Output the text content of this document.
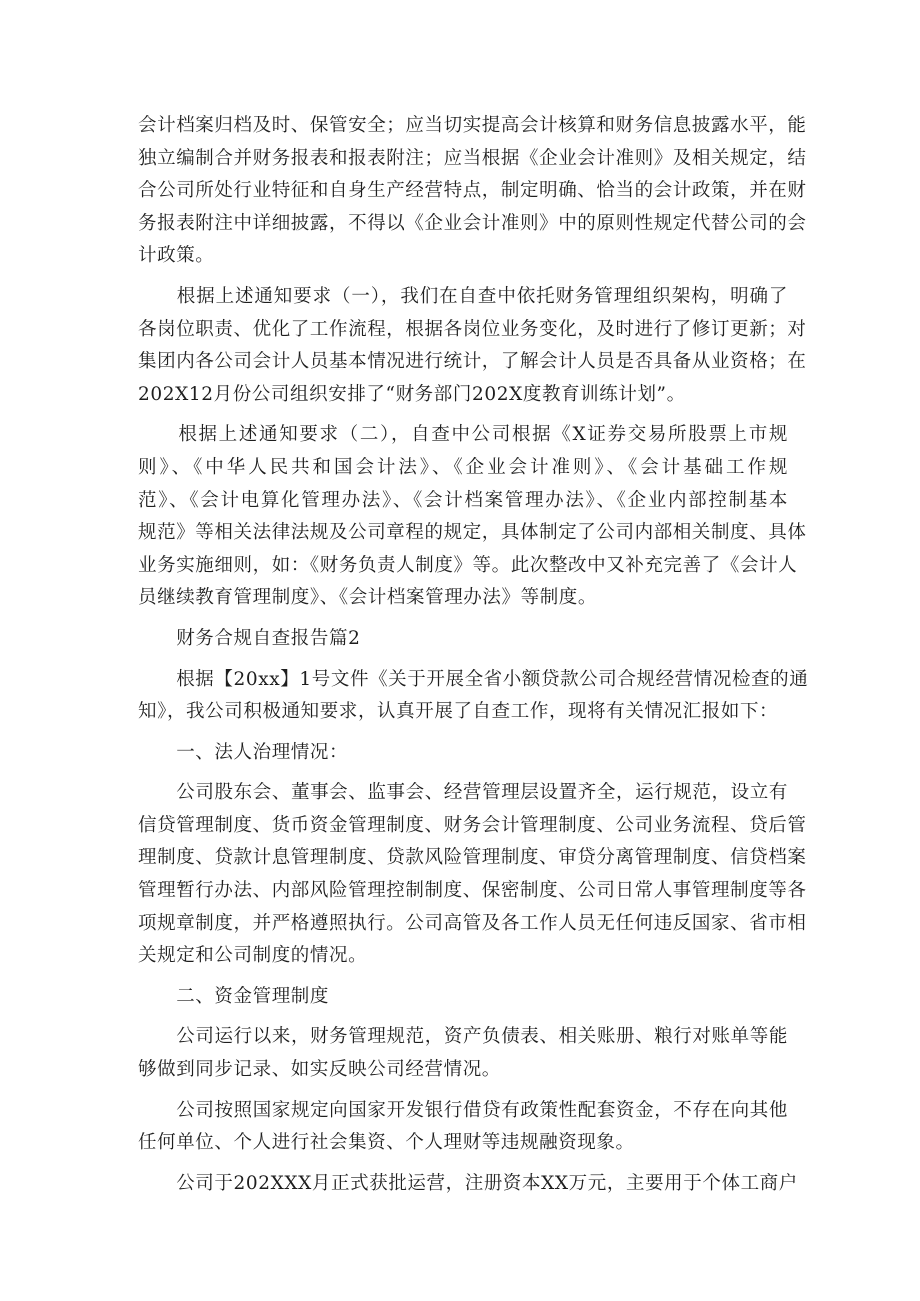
会计档案归档及时、保管安全；应当切实提高会计核算和财务信息披露水平，能
独立编制合并财务报表和报表附注；应当根据《企业会计准则》及相关规定，结
合公司所处行业特征和自身生产经营特点，制定明确、恰当的会计政策，并在财
务报表附注中详细披露，不得以《企业会计准则》中的原则性规定代替公司的会
计政策。
　　根据上述通知要求（一），我们在自查中依托财务管理组织架构，明确了
各岗位职责、优化了工作流程，根据各岗位业务变化，及时进行了修订更新；对
集团内各公司会计人员基本情况进行统计，了解会计人员是否具备从业资格；在
202X12月份公司组织安排了“财务部门202X度教育训练计划”。
　　根据上述通知要求（二），自查中公司根据《X证券交易所股票上市规
则》、《中华人民共和国会计法》、《企业会计准则》、《会计基础工作规
范》、《会计电算化管理办法》、《会计档案管理办法》、《企业内部控制基本
规范》等相关法律法规及公司章程的规定，具体制定了公司内部相关制度、具体
业务实施细则，如：《财务负责人制度》等。此次整改中又补充完善了《会计人
员继续教育管理制度》、《会计档案管理办法》等制度。
　　财务合规自查报告篇2
　　根据【20xx】1号文件《关于开展全省小额贷款公司合规经营情况检查的通
知》，我公司积极通知要求，认真开展了自查工作，现将有关情况汇报如下：
　　一、法人治理情况：
　　公司股东会、董事会、监事会、经营管理层设置齐全，运行规范，设立有
信贷管理制度、货币资金管理制度、财务会计管理制度、公司业务流程、贷后管
理制度、贷款计息管理制度、贷款风险管理制度、审贷分离管理制度、信贷档案
管理暂行办法、内部风险管理控制制度、保密制度、公司日常人事管理制度等各
项规章制度，并严格遵照执行。公司高管及各工作人员无任何违反国家、省市相
关规定和公司制度的情况。
　　二、资金管理制度
　　公司运行以来，财务管理规范，资产负债表、相关账册、粮行对账单等能
够做到同步记录、如实反映公司经营情况。
　　公司按照国家规定向国家开发银行借贷有政策性配套资金，不存在向其他
任何单位、个人进行社会集资、个人理财等违规融资现象。
　　公司于202XXX月正式获批运营，注册资本XX万元，主要用于个体工商户
